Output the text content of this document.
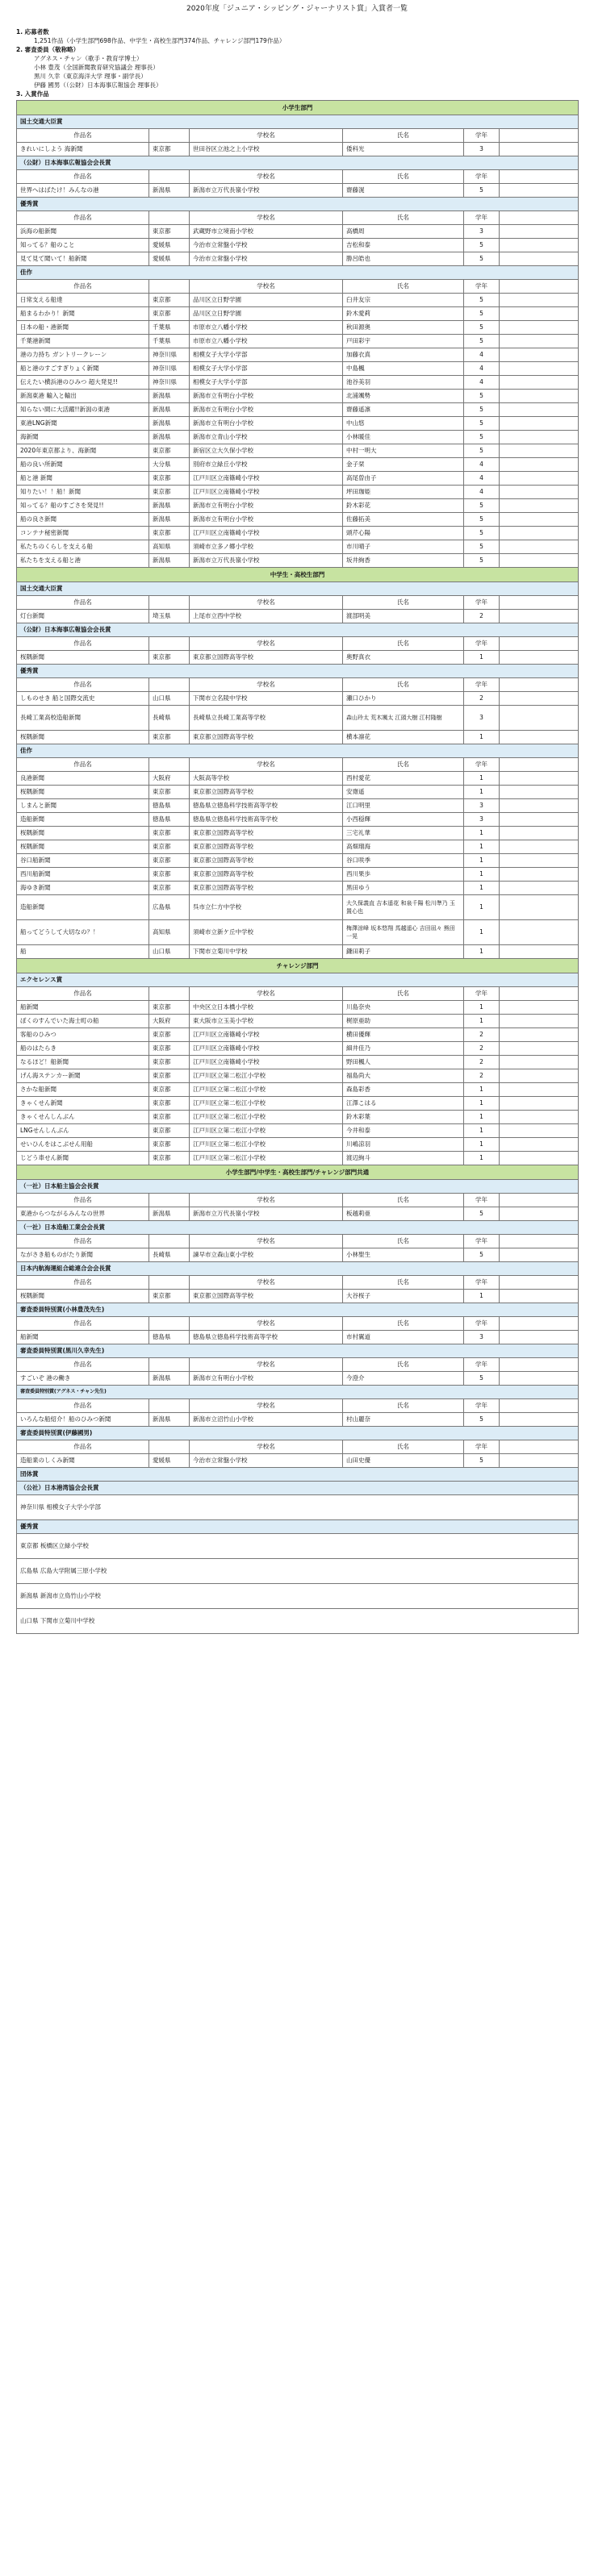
2020年度「ジュニア・シッピング・ジャーナリスト賞」入賞者一覧
1. 応募者数
1,251作品（小学生部門698作品、中学生・高校生部門374作品、チャレンジ部門179作品）
2. 審査委員（敬称略）
アグネス・チャン（歌手・教育学博士）
小林 豊茂（全国新聞教育研究協議会 理事長）
黒川 久幸（東京海洋大学 理事・副学長）
伊藤 國男（（公財）日本海事広報協会 理事長）
3. 入賞作品
小学生部門					
国土交通大臣賞					
作品名		学校名	氏名	学年	
きれいにしよう 海新聞	東京都	世田谷区立池之上小学校	倭科光	3	
（公財）日本海事広報協会会長賞					
作品名		学校名	氏名	学年	
世界へはばたけ！みんなの港	新潟県	新潟市立万代長嶺小学校	齋藤滉	5	
優秀賞					
作品名		学校名	氏名	学年	
浜海の船新聞	東京都	武蔵野市立境南小学校	高橋周	3	
知ってる？船のこと	愛媛県	今治市立常盤小学校	吉松和泰	5	
見て見て聞いて！船新聞	愛媛県	今治市立常盤小学校	勝呂皓也	5	
佳作					
作品名		学校名	氏名	学年	
日常支える船達	東京都	品川区立日野学園	臼井友宗	5	
船まるわかり！新聞	東京都	品川区立日野学園	鈴木愛莉	5	
日本の船・港新聞	千葉県	市原市立八幡小学校	秋田源奥	5	
千葉港新聞	千葉県	市原市立八幡小学校	戸田彩宇	5	
港の力持ち ガントリークレーン	神奈川県	相模女子大学小学部	加藤衣真	4	
船と港のすごすぎりょく新聞	神奈川県	相模女子大学小学部	中島楓	4	
伝えたい横浜港のひみつ 超大発見!!	神奈川県	相模女子大学小学部	池谷美羽	4	
新潟東港 輸入と輸出	新潟県	新潟市立有明台小学校	北浦颯勢	5	
知らない間に大活躍!!新潟の東港	新潟県	新潟市立有明台小学校	齋藤遥凛	5	
東港LNG新聞	新潟県	新潟市立有明台小学校	中山悠	5	
海新聞	新潟県	新潟市立青山小学校	小林暖佳	5	
2020年東京都より、海新聞	東京都	新宿区立大久保小学校	中村一明大	5	
船の良い所新聞	大分県	別府市立緑丘小学校	金子栞	4	
船と港 新聞	東京都	江戸川区立南篠崎小学校	高尾曽由子	4	
知りたい！！船！新聞	東京都	江戸川区立南篠崎小学校	坪田珈姫	4	
知ってる？船のすごさを発見!!	新潟県	新潟市立有明台小学校	鈴木彩花	5	
船の良さ新聞	新潟県	新潟市立有明台小学校	佐藤拓美	5	
コンテナ秘密新聞	東京都	江戸川区立南篠崎小学校	頭芹心陽	5	
私たちのくらしを支える船	高知県	須崎市立多ノ郷小学校	市川晴子	5	
私たちを支える船と港	新潟県	新潟市立万代長嶺小学校	坂井絢香	5	
中学生・高校生部門					
国土交通大臣賞					
作品名		学校名	氏名	学年	
灯台新聞	埼玉県	上尾市立西中学校	渡部明美	2	
（公財）日本海事広報協会会長賞					
作品名		学校名	氏名	学年	
桜隅新聞	東京都	東京都立国際高等学校	奥野真衣	1	
優秀賞					
作品名		学校名	氏名	学年	
しものせき 船と国際交流史	山口県	下関市立名陵中学校	瀬口ひかり	2	
長崎工業高校造船新聞	長崎県	長崎県立長崎工業高等学校	森山玲太 荒木颯太 江頭大樹 江村隆樹	3	
桜隅新聞	東京都	東京都立国際高等学校	横本凛花	1	
佳作					
作品名		学校名	氏名	学年	
良港新聞	大阪府	大阪高等学校	西村愛花	1	
桜隅新聞	東京都	東京都立国際高等学校	安齋遥	1	
しまんと新聞	徳島県	徳島県立徳島科学技術高等学校	江口明里	3	
造船新聞	徳島県	徳島県立徳島科学技術高等学校	小西穏輝	3	
桜隅新聞	東京都	東京都立国際高等学校	三宅礼華	1	
桜隅新聞	東京都	東京都立国際高等学校	高畑瑠海	1	
谷口船新聞	東京都	東京都立国際高等学校	谷口咲季	1	
西川船新聞	東京都	東京都立国際高等学校	西川果歩	1	
海ゆき新聞	東京都	東京都立国際高等学校	黒田ゆう	1	
造船新聞	広島県	呉市立仁方中学校	大久保義直 吉本遥花 和泉千陽 松川準乃 玉置心也	1	
船ってどうして大切なの？！	高知県	須崎市立新ケ丘中学校	梅澤涼峰 坂本悠翔 馬越遥心 吉田凪々 熊田一晃	1	
船	山口県	下関市立菊川中学校	鎌田莉子	1	
チャレンジ部門					
エクセレンス賞					
作品名		学校名	氏名	学年	
船新聞	東京都	中央区立日本橋小学校	川島奈央	1	
ぼくのすんでいた海士町の船	大阪府	東大阪市立玉美小学校	梶原亜助	1	
客船のひみつ	東京都	江戸川区立南篠崎小学校	横田優輝	2	
船のはたらき	東京都	江戸川区立南篠崎小学校	細井佳乃	2	
なるほど！船新聞	東京都	江戸川区立南篠崎小学校	野田楓人	2	
げん海ステンカー新聞	東京都	江戸川区立第二松江小学校	福島尚大	2	
さかな船新聞	東京都	江戸川区立第二松江小学校	森島彩香	1	
きゃくせん新聞	東京都	江戸川区立第二松江小学校	江澤こはる	1	
きゃくせんしんぶん	東京都	江戸川区立第二松江小学校	鈴木彩葉	1	
LNGせんしんぶん	東京都	江戸川区立第二松江小学校	今井和泰	1	
せいひんをはこぶせん用船	東京都	江戸川区立第二松江小学校	川嶋涼羽	1	
じどう車せん新聞	東京都	江戸川区立第二松江小学校	渡辺絢斗	1	
小学生部門/中学生・高校生部門/チャレンジ部門共通					
（一社）日本船主協会会長賞					
作品名		学校名	氏名	学年	
東港からつながるみんなの世界	新潟県	新潟市立万代長嶺小学校	板越莉亜	5	
（一社）日本造船工業会会長賞					
作品名		学校名	氏名	学年	
ながさき船ものがたり新聞	長崎県	諫早市立森山東小学校	小林聖生	5	
日本内航海運組合総連合会会長賞					
作品名		学校名	氏名	学年	
桜隅新聞	東京都	東京都立国際高等学校	大谷桜子	1	
審査委員特別賞(小林豊茂先生)					
作品名		学校名	氏名	学年	
船新聞	徳島県	徳島県立徳島科学技術高等学校	市村翼道	3	
審査委員特別賞(黒川久幸先生)					
作品名		学校名	氏名	学年	
すごいぞ 港の働き	新潟県	新潟市立有明台小学校	今澄介	5	
審査委員特別賞(アグネス・チャン先生)					
作品名		学校名	氏名	学年	
いろんな船紹介！船のひみつ新聞	新潟県	新潟市立沼竹山小学校	村山麗奈	5	
審査委員特別賞(伊藤國男)					
作品名		学校名	氏名	学年	
造船業のしくみ新聞	愛媛県	今治市立常盤小学校	山田史優	5	
団体賞					
（公社）日本港湾協会会長賞					
神奈川県 相模女子大学小学部					
優秀賞					
東京都 板橋区立緑小学校					
広島県 広島大学附属三原小学校					
新潟県 新潟市立鳥竹山小学校					
山口県 下関市立菊川中学校					
